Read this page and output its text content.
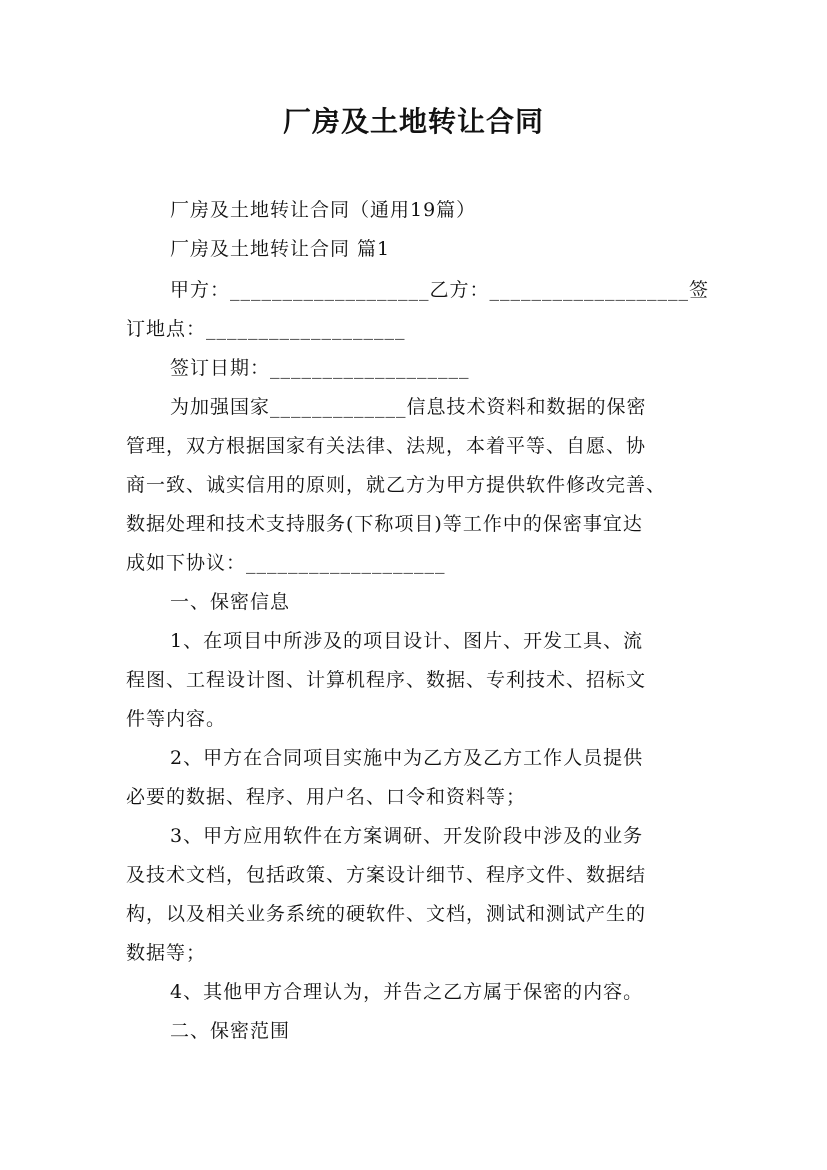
厂房及土地转让合同
厂房及土地转让合同（通用19篇）
厂房及土地转让合同 篇1
甲方：___________________乙方：___________________签
订地点：___________________
签订日期：___________________
为加强国家_____________信息技术资料和数据的保密
管理，双方根据国家有关法律、法规，本着平等、自愿、协
商一致、诚实信用的原则，就乙方为甲方提供软件修改完善、
数据处理和技术支持服务(下称项目)等工作中的保密事宜达
成如下协议：___________________
一、保密信息
1、在项目中所涉及的项目设计、图片、开发工具、流
程图、工程设计图、计算机程序、数据、专利技术、招标文
件等内容。
2、甲方在合同项目实施中为乙方及乙方工作人员提供
必要的数据、程序、用户名、口令和资料等；
3、甲方应用软件在方案调研、开发阶段中涉及的业务
及技术文档，包括政策、方案设计细节、程序文件、数据结
构，以及相关业务系统的硬软件、文档，测试和测试产生的
数据等；
4、其他甲方合理认为，并告之乙方属于保密的内容。
二、保密范围
